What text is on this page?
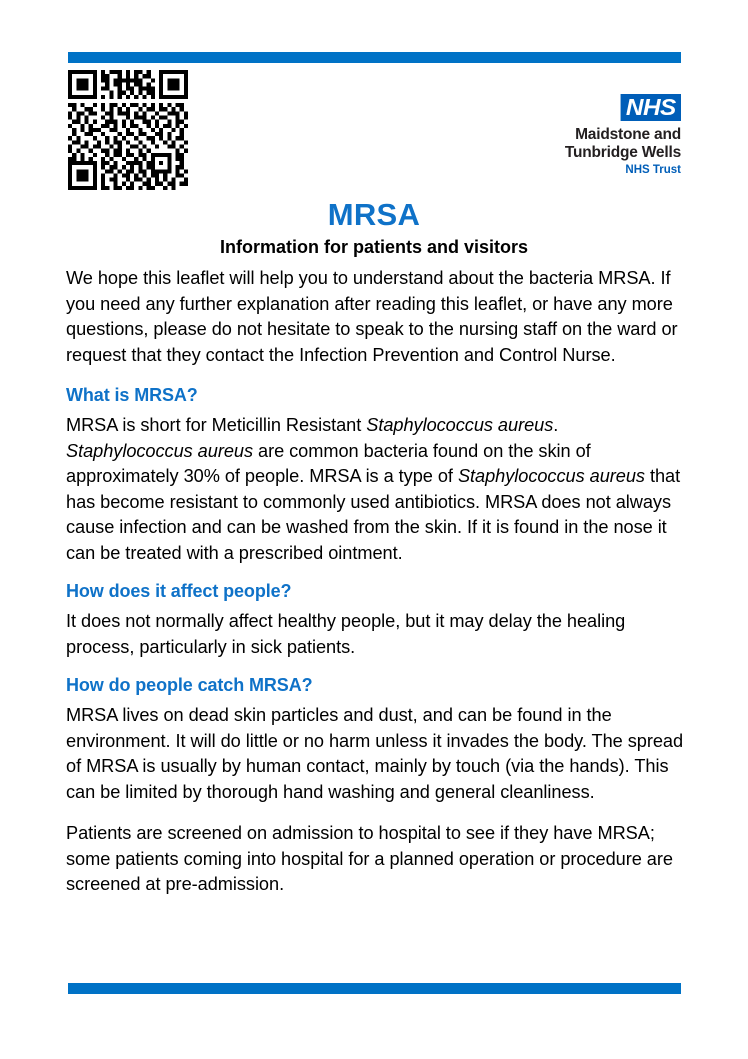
NHS
Maidstone and
Tunbridge Wells
NHS Trust
MRSA
Information for patients and visitors

We hope this leaflet will help you to understand about the bacteria MRSA. If you need any further explanation after reading this leaflet, or have any more questions, please do not hesitate to speak to the nursing staff on the ward or request that they contact the Infection Prevention and Control Nurse.

What is MRSA?

MRSA is short for Meticillin Resistant Staphylococcus aureus. Staphylococcus aureus are common bacteria found on the skin of approximately 30% of people. MRSA is a type of Staphylococcus aureus that has become resistant to commonly used antibiotics. MRSA does not always cause infection and can be washed from the skin. If it is found in the nose it can be treated with a prescribed ointment.

How does it affect people?

It does not normally affect healthy people, but it may delay the healing process, particularly in sick patients.

How do people catch MRSA?

MRSA lives on dead skin particles and dust, and can be found in the environment. It will do little or no harm unless it invades the body. The spread of MRSA is usually by human contact, mainly by touch (via the hands). This can be limited by thorough hand washing and general cleanliness.

Patients are screened on admission to hospital to see if they have MRSA; some patients coming into hospital for a planned operation or procedure are screened at pre-admission.
